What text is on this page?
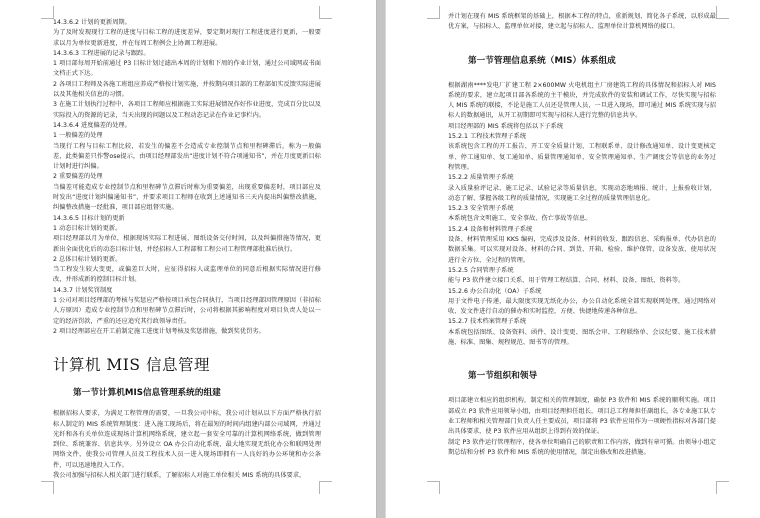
14.3.6.2 计划的更新周期。

为了及时发现现行工程的进度与目标工程的进度差异，要定期对现行工程进度进行更新，一般要求以月为单位更新进度，并在每周工程例会上协调工程进展。

14.3.6.3 工程进展的记录与跟踪。

1 项目部每周开始前通过 P3 目标计划过滤出本周的计划和下周的作业计划，通过公司域网或书面文档正式下达。

2 各项目工程师及各施工班组应养成严格按计划实施，并按期向项目部的工程部如实反馈实际进展以及其他相关信息的习惯。

3 在施工计划执行过程中，各项目工程师应根据施工实际进展情况作好作业进度，完成百分比以及实际投入的资源的记录，当天出现的问题以及工程动态记录在作业记事栏内。

14.3.6.4 进度偏差的处理。

1 一般偏差的处理

当现行工程与目标工程比较，若发生的偏差不会造成专业控制节点和里程碑滞后，称为一般偏差，此类偏差只作警ose提示，由项目经理部发出“进度计划不符合项通知书”，并在月度更新目标计划时进行纠偏。

2 重要偏差的处理

当偏差可能造成专业控制节点和里程碑节点滞后时称为重要偏差，出现重要偏差时，项目部应及时发出“进度计划纠偏通知书”，并要求项目工程师在收到上述通知书三天内提出纠偏整改措施，纠偏整改措施一经批准，项目部应组督实施。

14.3.6.5 目标计划的更新

1 动态目标计划的更新。

项目经理部以月为单位，根据现场实际工程进展，图纸设备交付时间，以及纠偏措施等情况，更新出全面优化后的动态目标计划，并经招标人工程部和工程公司工程管理部批准后执行。

2 总体目标计划的更新。

当工程发生较大变更，或偏差巨大时，应征得招标人或监理单位的同意后根据实际情况进行修改，并形成新的控制目标计划。

14.3.7 计划奖罚制度

1 公司对项目经理部的考核与奖惩应严格按项目承包合同执行，当项目经理部因管理原因（非招标人方原因）造成专业控制节点和里程碑节点滞后时，公司将根据其影响程度对项目负责人处以一定的经济罚款，严重的还应追究其行政领导责任。

2 项目经理部应在开工前制定施工进度计划考核及奖惩措施，做到奖优罚劣。

计算机 MIS 信息管理
第一节计算机MIS信息管理系统的组建

根据招标人要求，为满足工程管理的需要，一旦我公司中标，我公司计划从以下方面严格执行招标人制定的 MIS 系统管理制度：进入施工现场后，将在最短的时间内组建内部公司域网，并通过光纤和各有关单位连成现场计算机网络系统，建立起一套安全可靠的计算机网络系统，做到管理到位、系统兼容、信息共享。另外设立 OA 办公自动化系统，最大地实现无纸化办公和联网处理网络文件，使我公司管理人员及工程技术人员一进入现场即拥有一人良好的办公环境和办公条件，可以迅速地投入工作。

我公司加强与招标人相关部门进行联系，了解招标人对施工单位相关 MIS 系统的具体要求，

并计划在现有 MIS 系统框架的基础上，根据本工程的特点，重新规划、简化各子系统，以形成最优方案，与招标人、监理单位对接，建立起与招标人、监理单位计算机网络的接口。

第一节管理信息系统（MIS）体系组成

根据湖南****发电厂扩建工程 2×600MW 火电机组主厂房建筑工程的具体情况和招标人对 MIS 系统的要求，建立起项目部各系统的主干模块，并完成软件的安装和调试工作，尽快实现与招标人 MIS 系统的联接，不论是施工人员还是管理人员，一旦进入现场，即可通过 MIS 系统实现与招标人的数据通讯，从开工初期即可实现与招标人进行完整的信息共享。

项目经理部的 MIS 系统将包括以下子系统

15.2.1 工程技术管理子系统

该系统包含工程的开工报告、开工安全质量计划、工程联系单、设计修改通知单、设计变更核定单、停工通知单、复工通知单、质量管理通知单、安全管理通知单、生产调度会等信息的业务过程管理。

15.2.2 质量管理子系统

录入质量验评记录、施工记录、试验记录等质量信息，实现动态地填报、统计、上报验收计划，动态了解、掌握各级工程的质量情况，实现施工全过程的质量管理信息化。

15.2.3 安全管理子系统

本系统包含文明施工、安全事故、伤亡事故等信息。

15.2.4 设备和材料管理子系统

设备、材料管理采用 KKS 编码，完成涉及设备、材料的收发、跟踪信息、采购报单、代办信息的数据采集。可以实现对设备、材料的合同、到货、开箱、检验、维护保管、设备发放、使用状况进行全方位、全过程的管理。

15.2.5 合同管理子系统

能与 P3 软件建立接口关系，用于管理工程结算、合同、材料、设备、图纸、资料等。

15.2.6 办公自动化（OA）子系统

用于文件电子传递，最大限度实现无纸化办公，办公自动化系统全部实现联网处理，通过网络对收、发文件进行自动的催办和实时监控，方便、快捷地传递各种信息。

15.2.7 技术档案管理子系统

本系统包括图纸、设备资料、函件、设计变更、图纸会审、工程联络单、会议纪要、施工技术措施、标准、图集、规程规范、图书等的管理。

第一节组织和领导

项目部建立相应的组织机构，制定相关的管理制度，确保 P3 软件和 MIS 系统的顺利实施。项目部成立 P3 软件应用领导小组，由项目经理担任组长，项目总工程师担任副组长，各专业施工队专业工程师和相关管理部门负责人任主要成员，项目部将 P3 软件应用作为一项硬性指标对各部门提出具体要求，使 P3 软件应用从组织上得到有效的保证。

制定 P3 软件运行管理程序，使各单位明确自己的职责和工作内容，做到有章可循。由领导小组定期总结和分析 P3 软件和 MIS 系统的使用情况，制定出修改和改进措施。
